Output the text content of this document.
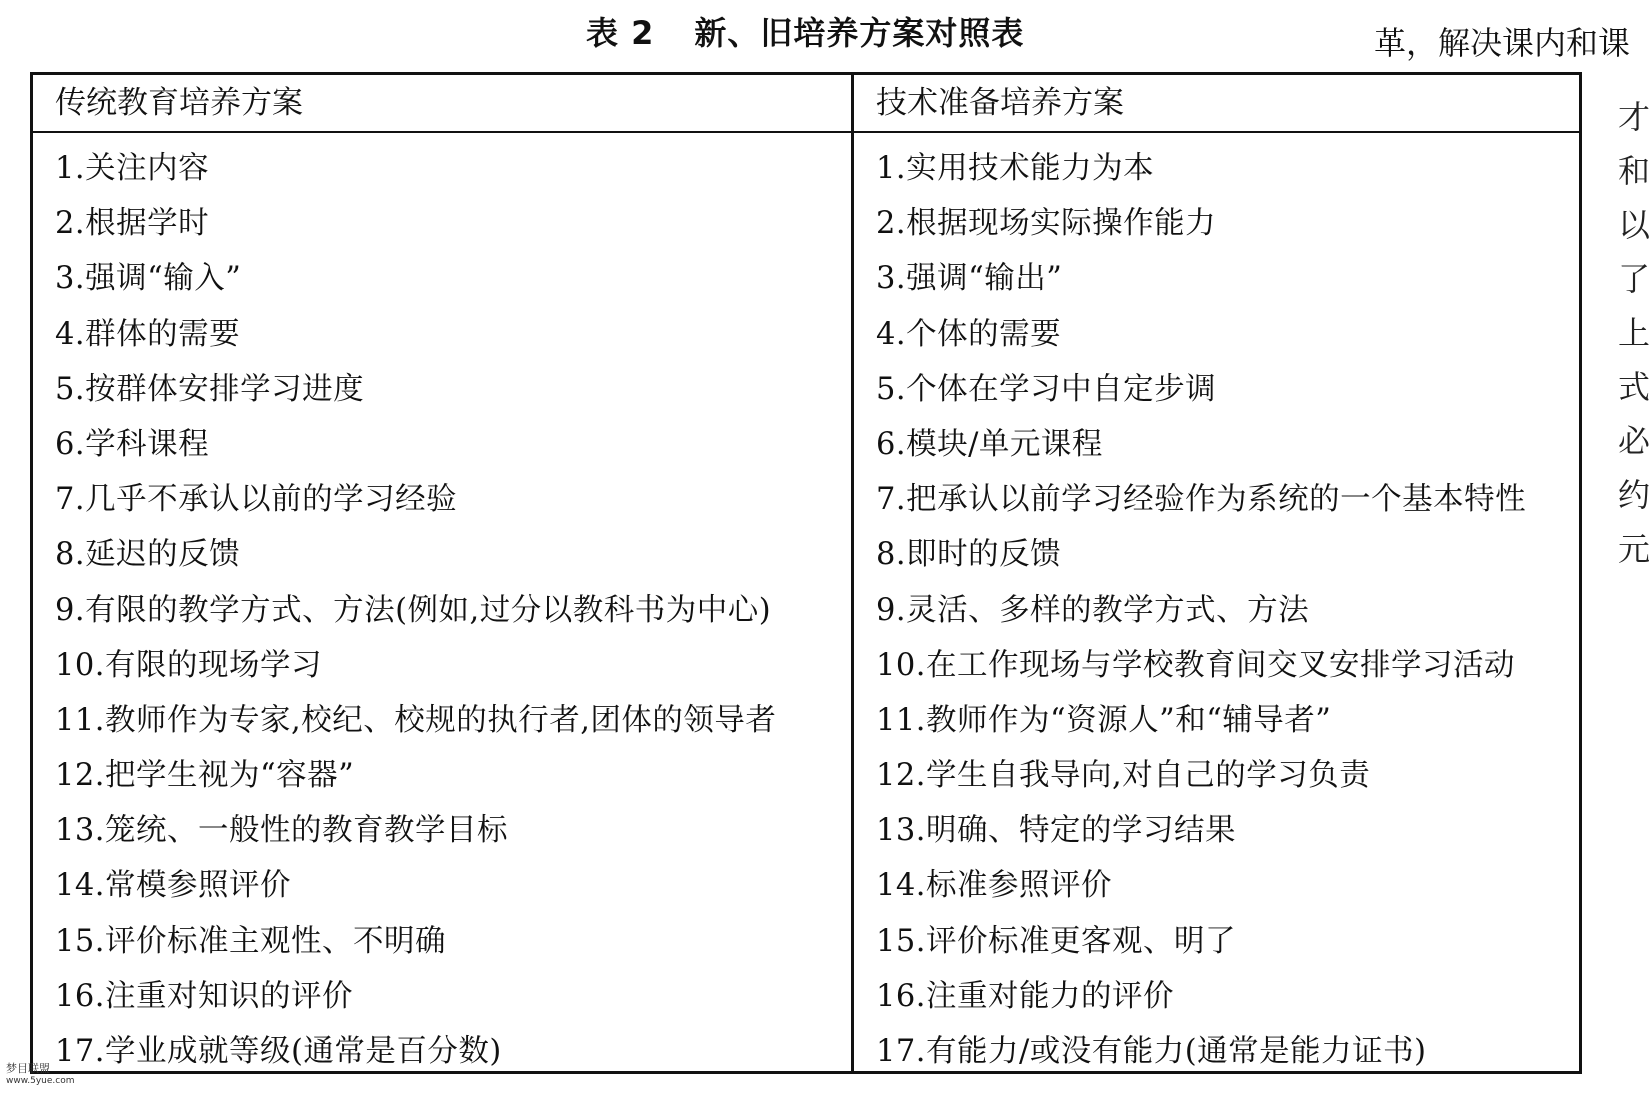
表 2 新、旧培养方案对照表	革，解决课内和课
才
和
以
了
上
式
必
约
元
传统教育培养方案
1.关注内容
2.根据学时
3.强调“输入”
4.群体的需要
5.按群体安排学习进度
6.学科课程
7.几乎不承认以前的学习经验
8.延迟的反馈
9.有限的教学方式、方法(例如,过分以教科书为中心)
10.有限的现场学习
11.教师作为专家,校纪、校规的执行者,团体的领导者
12.把学生视为“容器”
13.笼统、一般性的教育教学目标
14.常模参照评价
15.评价标准主观性、不明确
16.注重对知识的评价
17.学业成就等级(通常是百分数)
技术准备培养方案
1.实用技术能力为本
2.根据现场实际操作能力
3.强调“输出”
4.个体的需要
5.个体在学习中自定步调
6.模块/单元课程
7.把承认以前学习经验作为系统的一个基本特性
8.即时的反馈
9.灵活、多样的教学方式、方法
10.在工作现场与学校教育间交叉安排学习活动
11.教师作为“资源人”和“辅导者”
12.学生自我导向,对自己的学习负责
13.明确、特定的学习结果
14.标准参照评价
15.评价标准更客观、明了
16.注重对能力的评价
17.有能力/或没有能力(通常是能力证书)
梦目联盟
www.5yue.com
